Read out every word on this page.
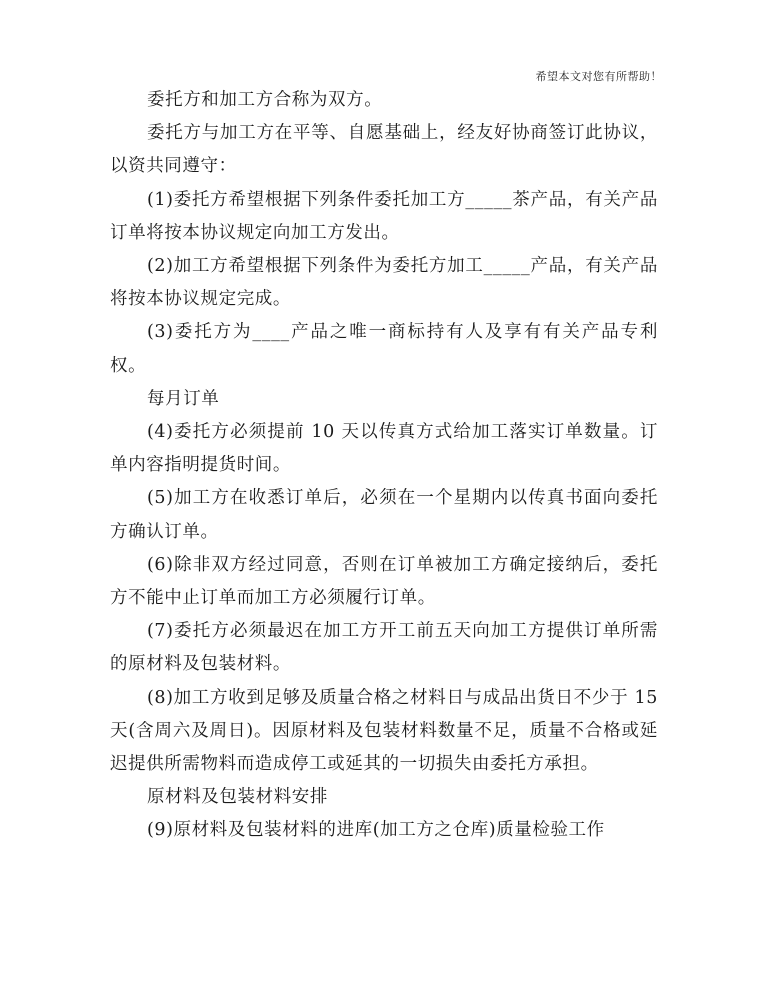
希望本文对您有所帮助！

委托方和加工方合称为双方。

委托方与加工方在平等、自愿基础上，经友好协商签订此协议，以资共同遵守：

(1)委托方希望根据下列条件委托加工方_____茶产品，有关产品订单将按本协议规定向加工方发出。

(2)加工方希望根据下列条件为委托方加工_____产品，有关产品将按本协议规定完成。

(3)委托方为____产品之唯一商标持有人及享有有关产品专利权。

每月订单

(4)委托方必须提前 10 天以传真方式给加工落实订单数量。订单内容指明提货时间。

(5)加工方在收悉订单后，必须在一个星期内以传真书面向委托方确认订单。

(6)除非双方经过同意，否则在订单被加工方确定接纳后，委托方不能中止订单而加工方必须履行订单。

(7)委托方必须最迟在加工方开工前五天向加工方提供订单所需的原材料及包装材料。

(8)加工方收到足够及质量合格之材料日与成品出货日不少于 15 天(含周六及周日)。因原材料及包装材料数量不足，质量不合格或延迟提供所需物料而造成停工或延其的一切损失由委托方承担。

原材料及包装材料安排

(9)原材料及包装材料的进库(加工方之仓库)质量检验工作
